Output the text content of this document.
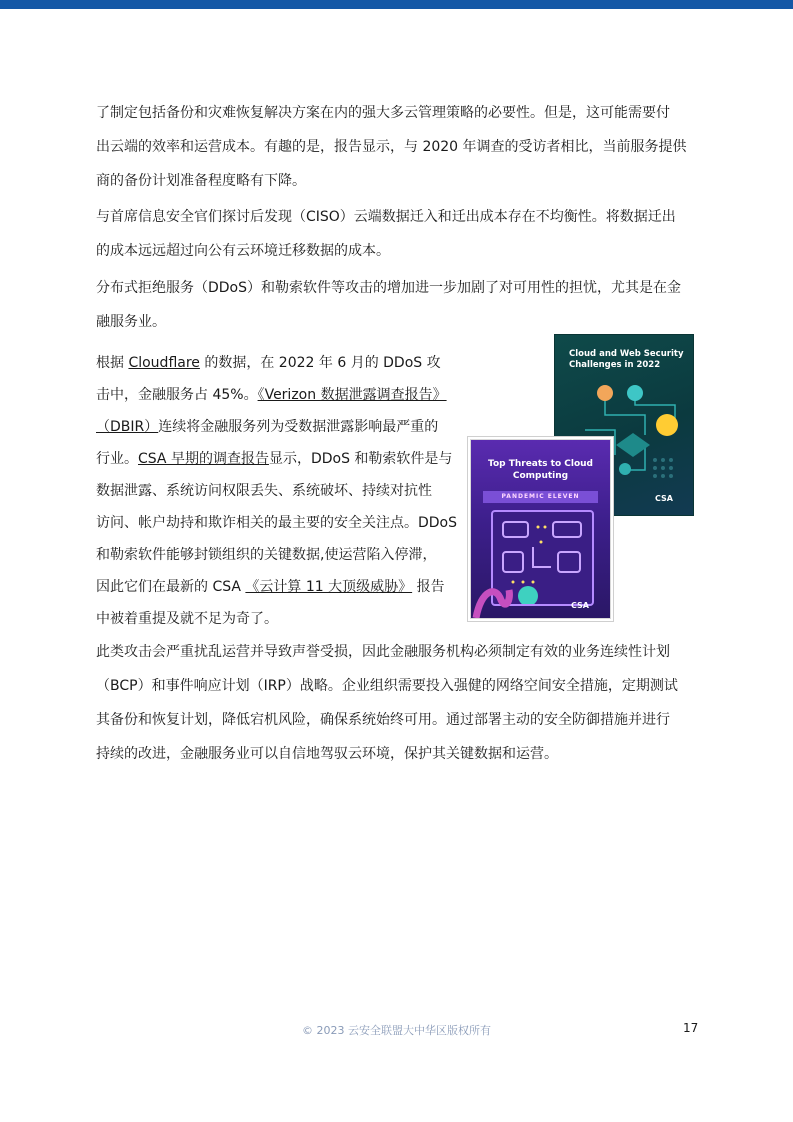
了制定包括备份和灾难恢复解决方案在内的强大多云管理策略的必要性。但是，这可能需要付
出云端的效率和运营成本。有趣的是，报告显示，与 2020 年调查的受访者相比，当前服务提供
商的备份计划准备程度略有下降。
与首席信息安全官们探讨后发现（CISO）云端数据迁入和迁出成本存在不均衡性。将数据迁出
的成本远远超过向公有云环境迁移数据的成本。
分布式拒绝服务（DDoS）和勒索软件等攻击的增加进一步加剧了对可用性的担忧，尤其是在金
融服务业。
根据 Cloudflare 的数据，在 2022 年 6 月的 DDoS 攻
击中，金融服务占 45%。《Verizon 数据泄露调查报告》
（DBIR）连续将金融服务列为受数据泄露影响最严重的
行业。CSA 早期的调查报告显示，DDoS 和勒索软件是与
数据泄露、系统访问权限丢失、系统破坏、持续对抗性
访问、帐户劫持和欺诈相关的最主要的安全关注点。DDoS
和勒索软件能够封锁组织的关键数据,使运营陷入停滞，
因此它们在最新的 CSA 《云计算 11 大顶级威胁》 报告
中被着重提及就不足为奇了。
Cloud and Web Security Challenges in 2022
CSA
Top Threats to Cloud Computing
PANDEMIC ELEVEN
CSA
此类攻击会严重扰乱运营并导致声誉受损，因此金融服务机构必须制定有效的业务连续性计划
（BCP）和事件响应计划（IRP）战略。企业组织需要投入强健的网络空间安全措施，定期测试
其备份和恢复计划，降低宕机风险，确保系统始终可用。通过部署主动的安全防御措施并进行
持续的改进，金融服务业可以自信地驾驭云环境，保护其关键数据和运营。
© 2023 云安全联盟大中华区版权所有	17
